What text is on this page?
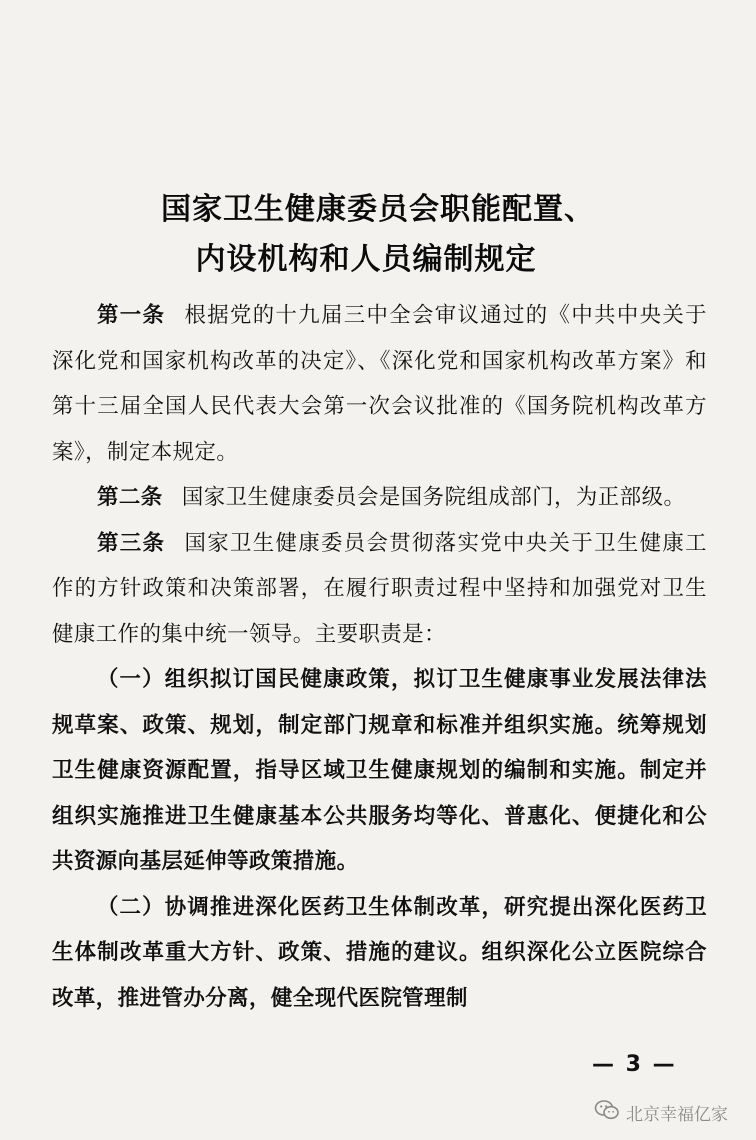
国家卫生健康委员会职能配置、
内设机构和人员编制规定

第一条 根据党的十九届三中全会审议通过的《中共中央关于深化党和国家机构改革的决定》、《深化党和国家机构改革方案》和第十三届全国人民代表大会第一次会议批准的《国务院机构改革方案》，制定本规定。

第二条 国家卫生健康委员会是国务院组成部门，为正部级。

第三条 国家卫生健康委员会贯彻落实党中央关于卫生健康工作的方针政策和决策部署，在履行职责过程中坚持和加强党对卫生健康工作的集中统一领导。主要职责是：

（一）组织拟订国民健康政策，拟订卫生健康事业发展法律法规草案、政策、规划，制定部门规章和标准并组织实施。统筹规划卫生健康资源配置，指导区域卫生健康规划的编制和实施。制定并组织实施推进卫生健康基本公共服务均等化、普惠化、便捷化和公共资源向基层延伸等政策措施。

（二）协调推进深化医药卫生体制改革，研究提出深化医药卫生体制改革重大方针、政策、措施的建议。组织深化公立医院综合改革，推进管办分离，健全现代医院管理制

— 3 —
北京幸福亿家
